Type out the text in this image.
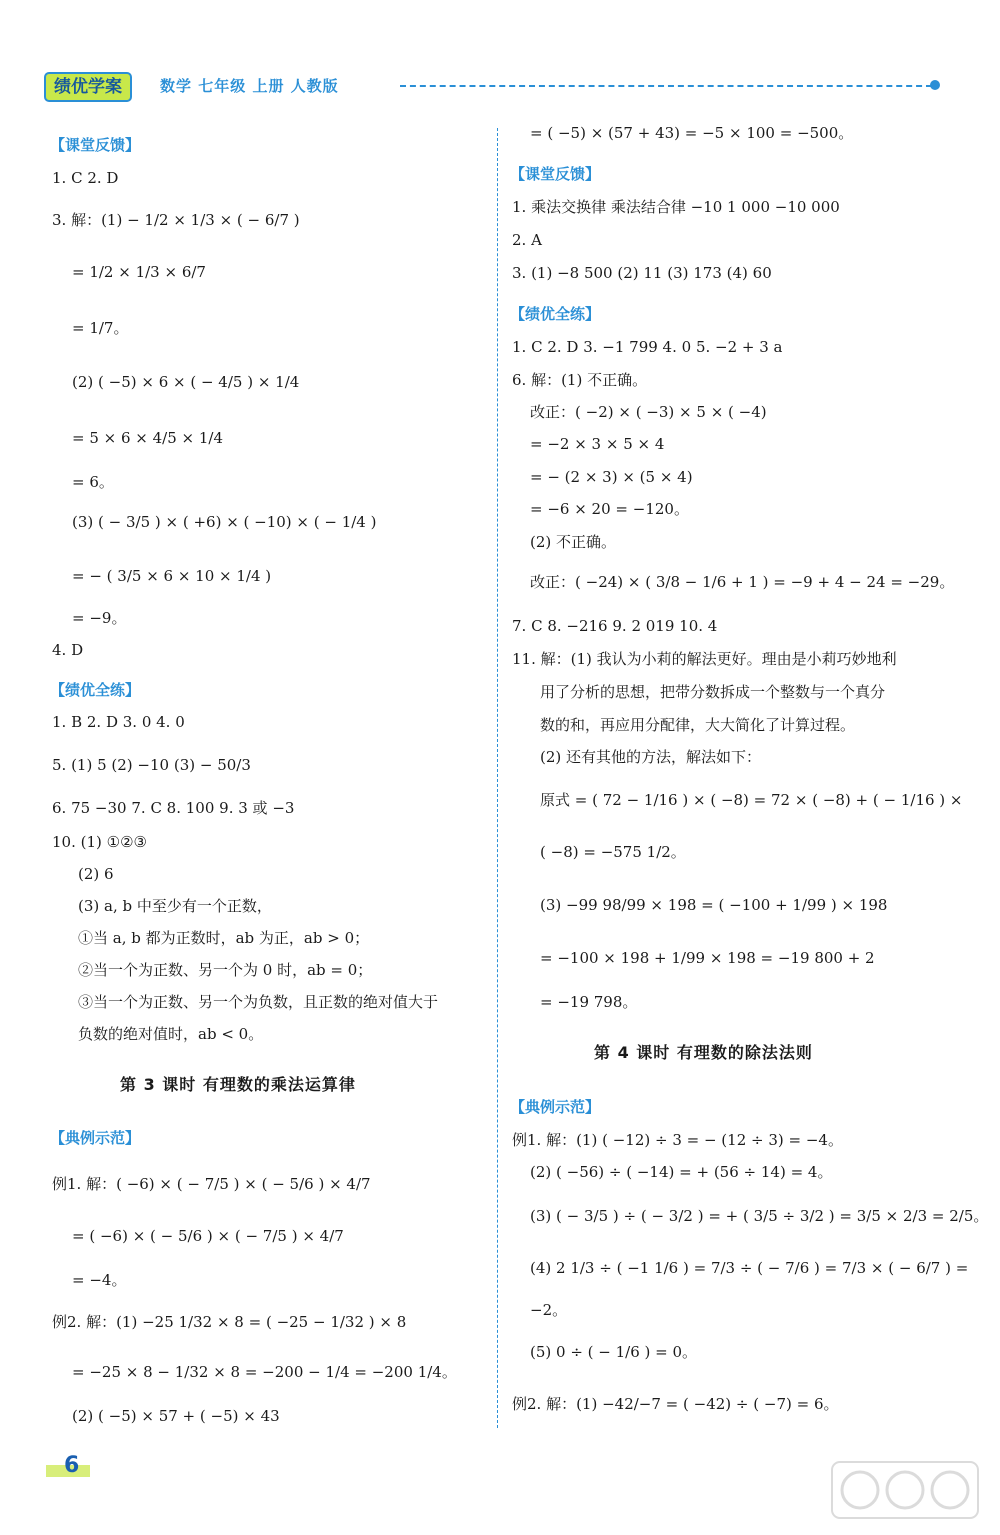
绩优学案	数学 七年级 上册 人教版
【课堂反馈】
1. C 2. D
3. 解：(1) − 1/2 × 1/3 × ( − 6/7 )
= 1/2 × 1/3 × 6/7
= 1/7。
(2) ( −5) × 6 × ( − 4/5 ) × 1/4
= 5 × 6 × 4/5 × 1/4
= 6。
(3) ( − 3/5 ) × ( +6) × ( −10) × ( − 1/4 )
= − ( 3/5 × 6 × 10 × 1/4 )
= −9。
4. D
【绩优全练】
1. B 2. D 3. 0 4. 0
5. (1) 5 (2) −10 (3) − 50/3
6. 75 −30 7. C 8. 100 9. 3 或 −3
10. (1) ①②③
(2) 6
(3) a, b 中至少有一个正数，
①当 a, b 都为正数时，ab 为正，ab > 0；
②当一个为正数、另一个为 0 时，ab = 0；
③当一个为正数、另一个为负数，且正数的绝对值大于
负数的绝对值时，ab < 0。
第 3 课时 有理数的乘法运算律
【典例示范】
例1. 解：( −6) × ( − 7/5 ) × ( − 5/6 ) × 4/7
= ( −6) × ( − 5/6 ) × ( − 7/5 ) × 4/7
= −4。
例2. 解：(1) −25 1/32 × 8 = ( −25 − 1/32 ) × 8
= −25 × 8 − 1/32 × 8 = −200 − 1/4 = −200 1/4。
(2) ( −5) × 57 + ( −5) × 43
= ( −5) × (57 + 43) = −5 × 100 = −500。
【课堂反馈】
1. 乘法交换律 乘法结合律 −10 1 000 −10 000
2. A
3. (1) −8 500 (2) 11 (3) 173 (4) 60
【绩优全练】
1. C 2. D 3. −1 799 4. 0 5. −2 + 3 a
6. 解：(1) 不正确。
改正：( −2) × ( −3) × 5 × ( −4)
= −2 × 3 × 5 × 4
= − (2 × 3) × (5 × 4)
= −6 × 20 = −120。
(2) 不正确。
改正：( −24) × ( 3/8 − 1/6 + 1 ) = −9 + 4 − 24 = −29。
7. C 8. −216 9. 2 019 10. 4
11. 解：(1) 我认为小莉的解法更好。理由是小莉巧妙地利
用了分析的思想，把带分数拆成一个整数与一个真分
数的和，再应用分配律，大大简化了计算过程。
(2) 还有其他的方法，解法如下：
原式 = ( 72 − 1/16 ) × ( −8) = 72 × ( −8) + ( − 1/16 ) ×
( −8) = −575 1/2。
(3) −99 98/99 × 198 = ( −100 + 1/99 ) × 198
= −100 × 198 + 1/99 × 198 = −19 800 + 2
= −19 798。
第 4 课时 有理数的除法法则
【典例示范】
例1. 解：(1) ( −12) ÷ 3 = − (12 ÷ 3) = −4。
(2) ( −56) ÷ ( −14) = + (56 ÷ 14) = 4。
(3) ( − 3/5 ) ÷ ( − 3/2 ) = + ( 3/5 ÷ 3/2 ) = 3/5 × 2/3 = 2/5。
(4) 2 1/3 ÷ ( −1 1/6 ) = 7/3 ÷ ( − 7/6 ) = 7/3 × ( − 6/7 ) =
−2。
(5) 0 ÷ ( − 1/6 ) = 0。
例2. 解：(1) −42/−7 = ( −42) ÷ ( −7) = 6。
6
